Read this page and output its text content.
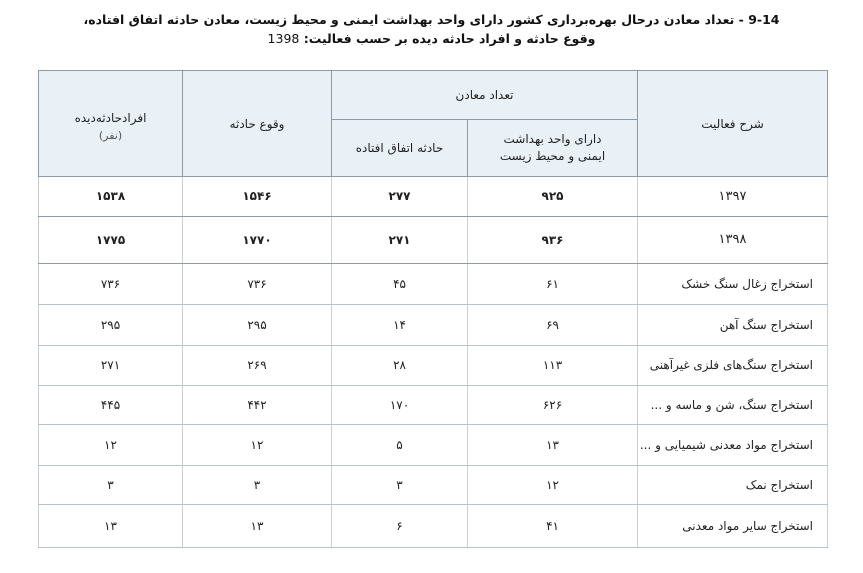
9-14 - تعداد معادن درحال بهره‌برداری کشور دارای واحد بهداشت ایمنی و محیط زیست، معادن حادثه اتفاق افتاده،
وقوع حادثه و افراد حادثه دیده بر حسب فعالیت: 1398
شرح فعالیت	تعداد معادن		وقوع حادثه	افرادحادثه‌دیده
(نفر)

	دارای واحد بهداشت ایمنی و محیط زیست	حادثه اتفاق افتاده		
۱۳۹۷	۹۲۵	۲۷۷	۱۵۴۶	۱۵۳۸
۱۳۹۸	۹۳۶	۲۷۱	۱۷۷۰	۱۷۷۵
استخراج زغال سنگ خشک	۶۱	۴۵	۷۳۶	۷۳۶
استخراج سنگ آهن	۶۹	۱۴	۲۹۵	۲۹۵
استخراج سنگ‌های فلزی غیرآهنی	۱۱۳	۲۸	۲۶۹	۲۷۱
استخراج سنگ، شن و ماسه و ...	۶۲۶	۱۷۰	۴۴۲	۴۴۵
استخراج مواد معدنی شیمیایی و ...	۱۳	۵	۱۲	۱۲
استخراج نمک	۱۲	۳	۳	۳
استخراج سایر مواد معدنی	۴۱	۶	۱۳	۱۳
